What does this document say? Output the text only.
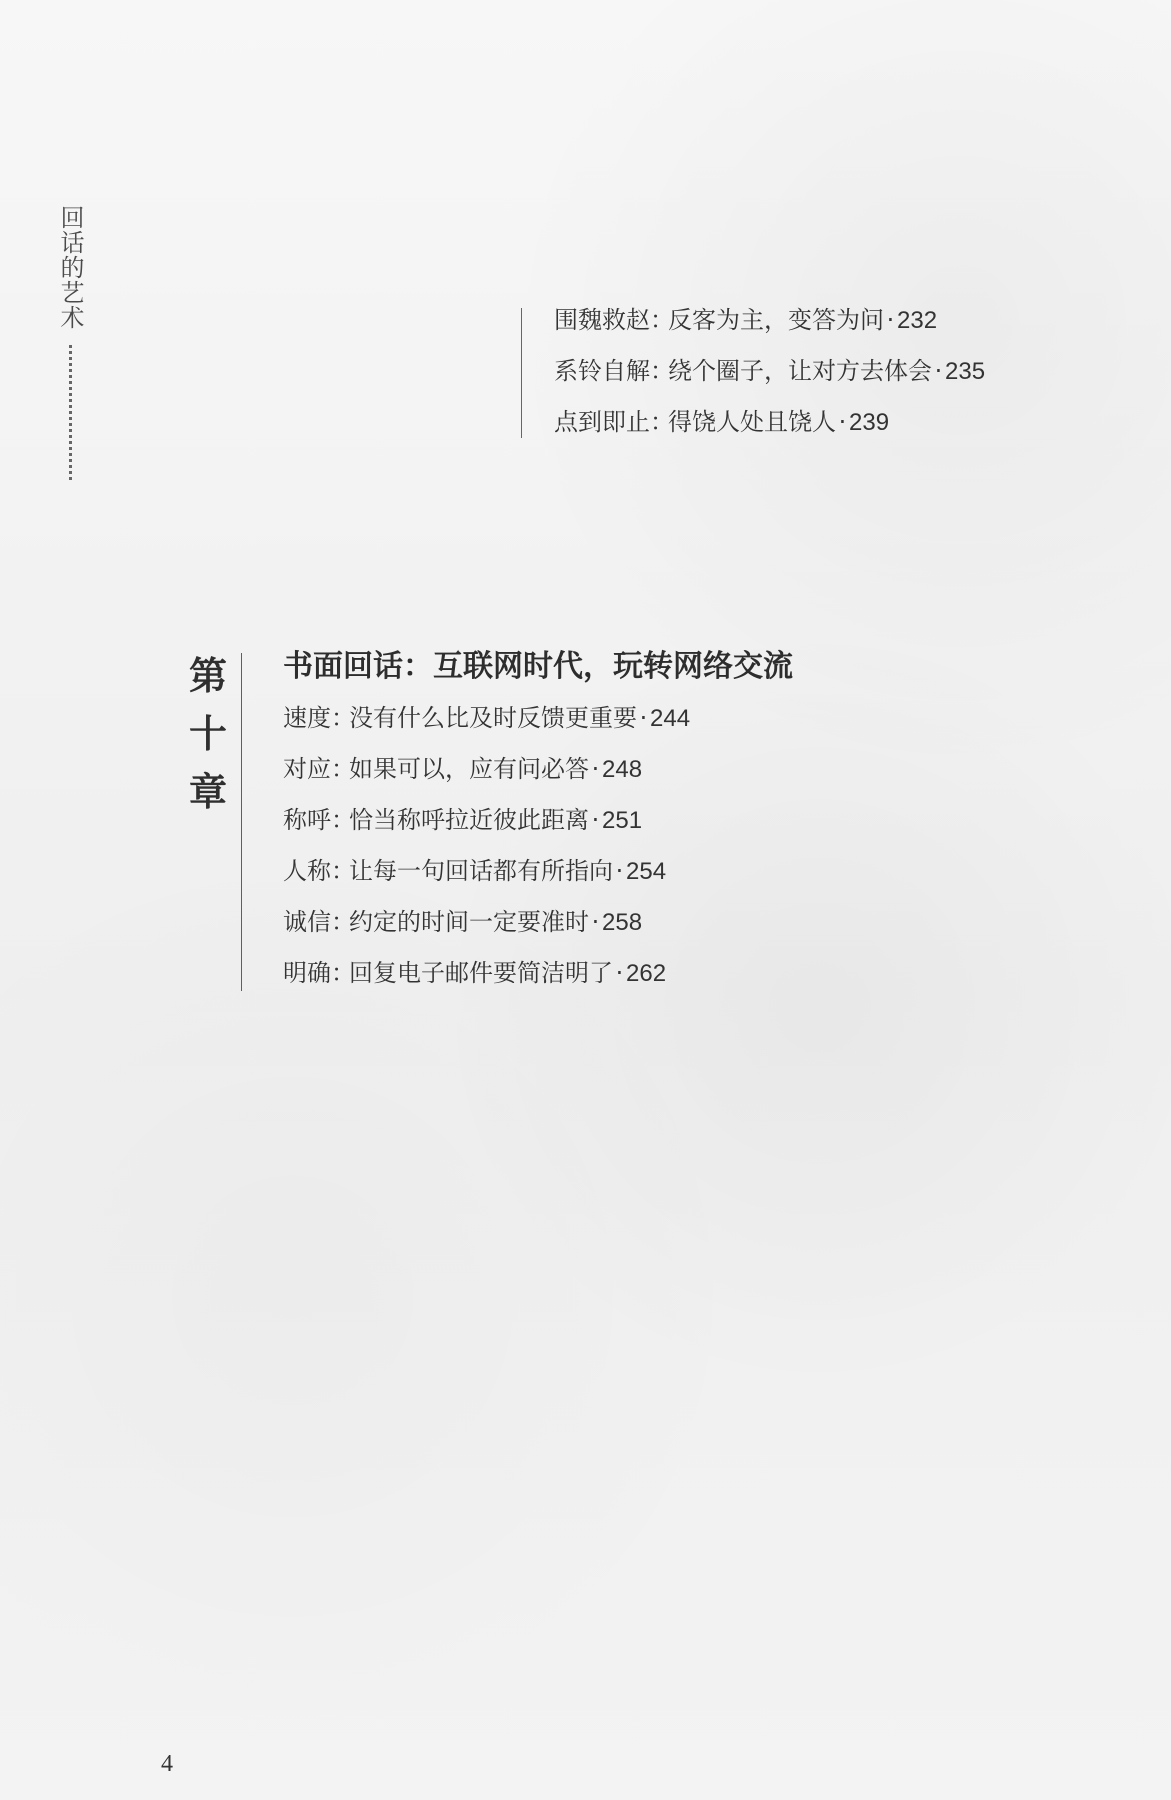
回话的艺术	围魏救赵：反客为主，变答为问 · 232
系铃自解：绕个圈子，让对方去体会 · 235
点到即止：得饶人处且饶人 · 239
第
十
章
书面回话：互联网时代，玩转网络交流
速度：没有什么比及时反馈更重要 · 244
对应：如果可以，应有问必答 · 248
称呼：恰当称呼拉近彼此距离 · 251
人称：让每一句回话都有所指向 · 254
诚信：约定的时间一定要准时 · 258
明确：回复电子邮件要简洁明了 · 262
4
